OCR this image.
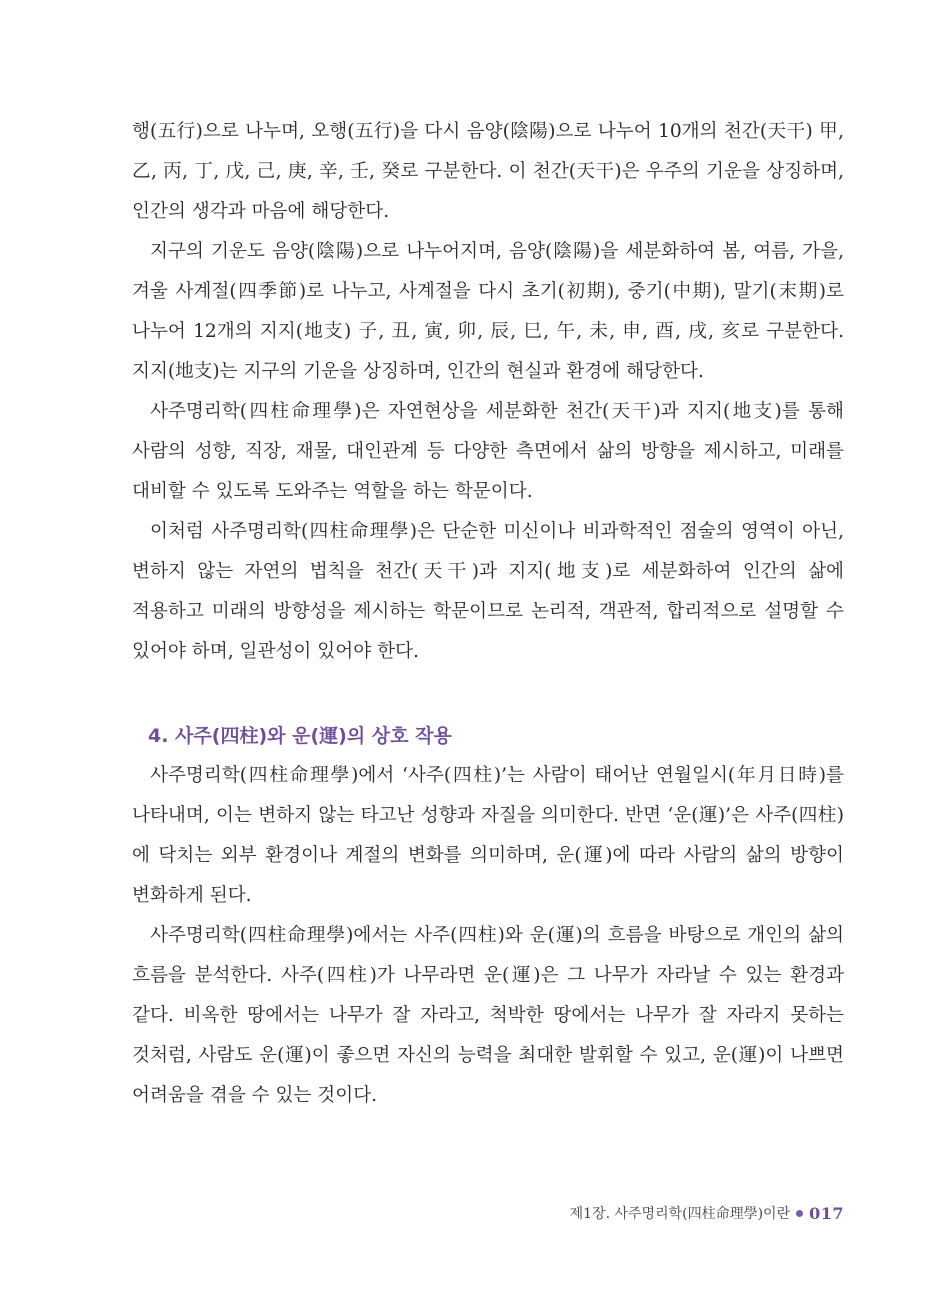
행(五行)으로 나누며, 오행(五行)을 다시 음양(陰陽)으로 나누어 10개의 천간(天干) 甲, 乙, 丙, 丁, 戊, 己, 庚, 辛, 壬, 癸로 구분한다. 이 천간(天干)은 우주의 기운을 상징하며, 인간의 생각과 마음에 해당한다.

지구의 기운도 음양(陰陽)으로 나누어지며, 음양(陰陽)을 세분화하여 봄, 여름, 가을, 겨울 사계절(四季節)로 나누고, 사계절을 다시 초기(初期), 중기(中期), 말기(末期)로 나누어 12개의 지지(地支) 子, 丑, 寅, 卯, 辰, 巳, 午, 未, 申, 酉, 戌, 亥로 구분한다. 지지(地支)는 지구의 기운을 상징하며, 인간의 현실과 환경에 해당한다.

사주명리학(四柱命理學)은 자연현상을 세분화한 천간(天干)과 지지(地支)를 통해 사람의 성향, 직장, 재물, 대인관계 등 다양한 측면에서 삶의 방향을 제시하고, 미래를 대비할 수 있도록 도와주는 역할을 하는 학문이다.

이처럼 사주명리학(四柱命理學)은 단순한 미신이나 비과학적인 점술의 영역이 아닌, 변하지 않는 자연의 법칙을 천간(天干)과 지지(地支)로 세분화하여 인간의 삶에 적용하고 미래의 방향성을 제시하는 학문이므로 논리적, 객관적, 합리적으로 설명할 수 있어야 하며, 일관성이 있어야 한다.

4. 사주(四柱)와 운(運)의 상호 작용

사주명리학(四柱命理學)에서 ‘사주(四柱)’는 사람이 태어난 연월일시(年月日時)를 나타내며, 이는 변하지 않는 타고난 성향과 자질을 의미한다. 반면 ‘운(運)’은 사주(四柱)에 닥치는 외부 환경이나 계절의 변화를 의미하며, 운(運)에 따라 사람의 삶의 방향이 변화하게 된다.

사주명리학(四柱命理學)에서는 사주(四柱)와 운(運)의 흐름을 바탕으로 개인의 삶의 흐름을 분석한다. 사주(四柱)가 나무라면 운(運)은 그 나무가 자라날 수 있는 환경과 같다. 비옥한 땅에서는 나무가 잘 자라고, 척박한 땅에서는 나무가 잘 자라지 못하는 것처럼, 사람도 운(運)이 좋으면 자신의 능력을 최대한 발휘할 수 있고, 운(運)이 나쁘면 어려움을 겪을 수 있는 것이다.

제1장. 사주명리학(四柱命理學)이란 017
